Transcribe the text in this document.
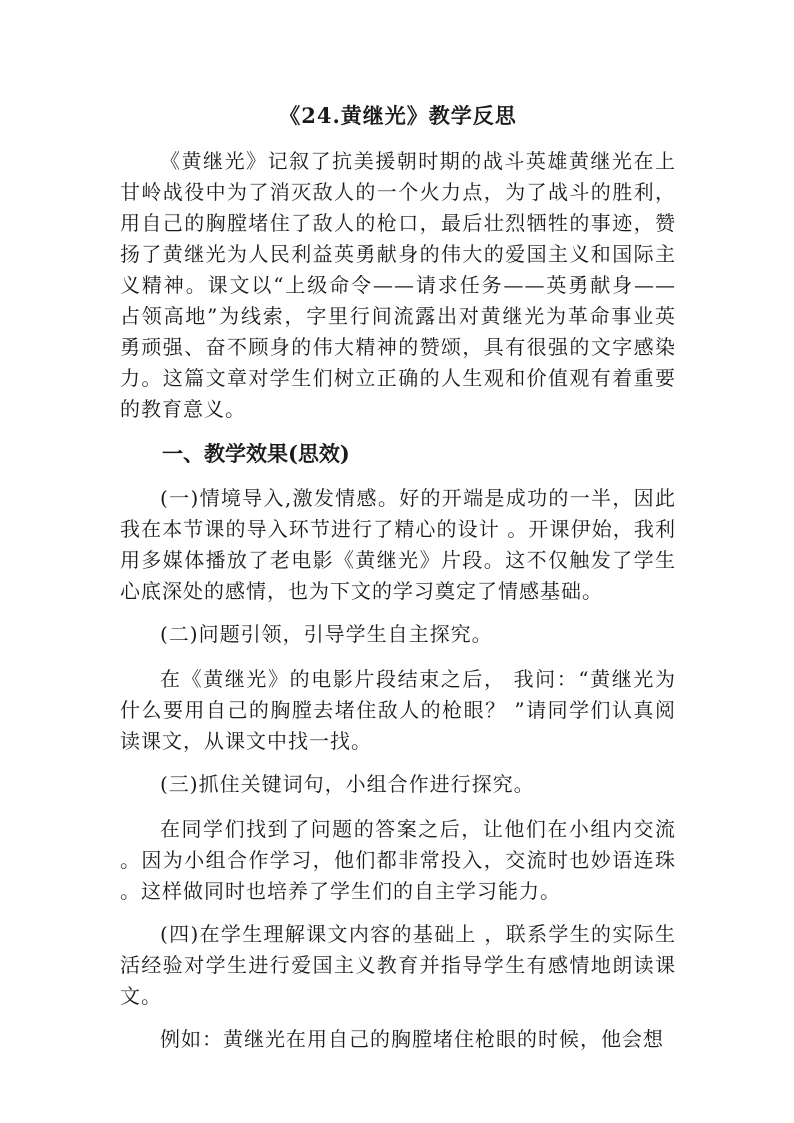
《24.黄继光》教学反思

《黄继光》记叙了抗美援朝时期的战斗英雄黄继光在上甘岭战役中为了消灭敌人的一个火力点，为了战斗的胜利，用自己的胸膛堵住了敌人的枪口，最后壮烈牺牲的事迹，赞扬了黄继光为人民利益英勇献身的伟大的爱国主义和国际主义精神。课文以“上级命令——请求任务——英勇献身——占领高地”为线索，字里行间流露出对黄继光为革命事业英勇顽强、奋不顾身的伟大精神的赞颂，具有很强的文字感染力。这篇文章对学生们树立正确的人生观和价值观有着重要的教育意义。

一、教学效果(思效)

(一)情境导入,激发情感。好的开端是成功的一半，因此我在本节课的导入环节进行了精心的设计 。开课伊始，我利用多媒体播放了老电影《黄继光》片段。这不仅触发了学生心底深处的感情，也为下文的学习奠定了情感基础。

(二)问题引领，引导学生自主探究。

在《黄继光》的电影片段结束之后， 我问：“黄继光为什么要用自己的胸膛去堵住敌人的枪眼？ ”请同学们认真阅读课文，从课文中找一找。

(三)抓住关键词句，小组合作进行探究。

在同学们找到了问题的答案之后，让他们在小组内交流 。因为小组合作学习，他们都非常投入，交流时也妙语连珠 。这样做同时也培养了学生们的自主学习能力。

(四)在学生理解课文内容的基础上 ，联系学生的实际生活经验对学生进行爱国主义教育并指导学生有感情地朗读课文。

例如：黄继光在用自己的胸膛堵住枪眼的时候，他会想
